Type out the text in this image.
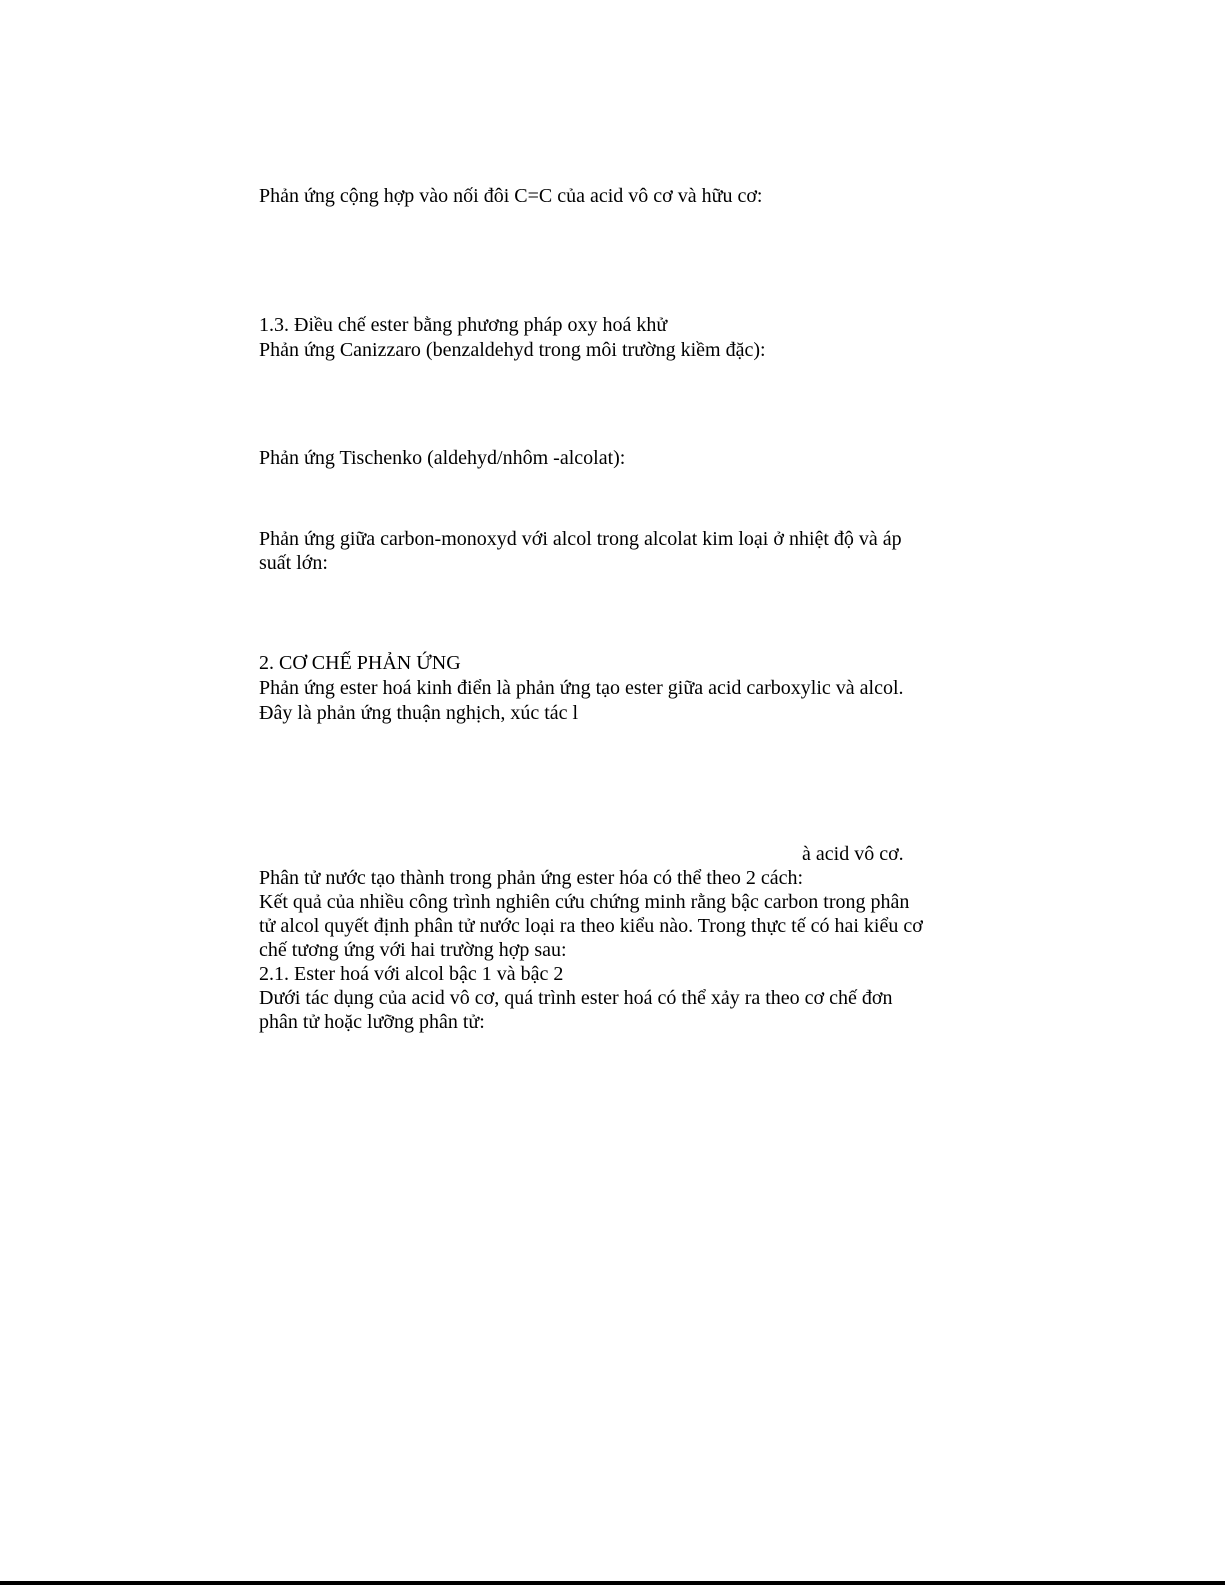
Phản ứng cộng hợp vào nối đôi C=C của acid vô cơ và hữu cơ:

1.3. Điều chế ester bằng phương pháp oxy hoá khử

Phản ứng Canizzaro (benzaldehyd trong môi trường kiềm đặc):

Phản ứng Tischenko (aldehyd/nhôm -alcolat):

Phản ứng giữa carbon-monoxyd với alcol trong alcolat kim loại ở nhiệt độ và áp

suất lớn:

2. CƠ CHẾ PHẢN ỨNG

Phản ứng ester hoá kinh điển là phản ứng tạo ester giữa acid carboxylic và alcol.

Đây là phản ứng thuận nghịch, xúc tác l

à acid vô cơ.

Phân tử nước tạo thành trong phản ứng ester hóa có thể theo 2 cách:

Kết quả của nhiều công trình nghiên cứu chứng minh rằng bậc carbon trong phân

tử alcol quyết định phân tử nước loại ra theo kiểu nào. Trong thực tế có hai kiểu cơ

chế tương ứng với hai trường hợp sau:

2.1. Ester hoá với alcol bậc 1 và bậc 2

Dưới tác dụng của acid vô cơ, quá trình ester hoá có thể xảy ra theo cơ chế đơn

phân tử hoặc lưỡng phân tử:
